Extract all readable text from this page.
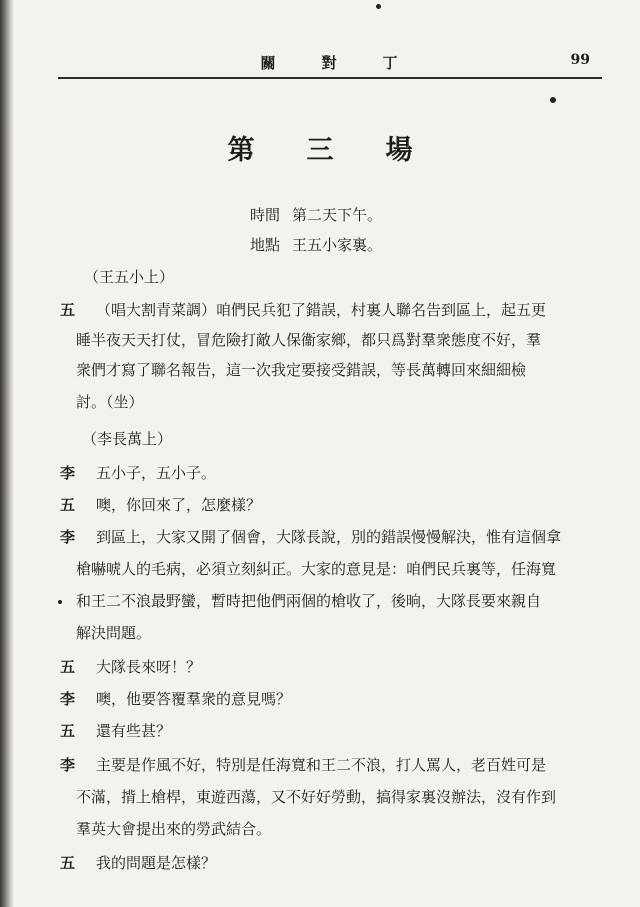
關對丁	99
第三場
時間 第二天下午。
地點 王五小家裏。
（王五小上）
五	（唱大割青菜調）咱們民兵犯了錯誤，村裏人聯名告到區上，起五更
睡半夜天天打仗，冒危險打敵人保衞家鄉，都只爲對羣衆態度不好，羣
衆們才寫了聯名報告，這一次我定要接受錯誤，等長萬轉回來細細檢
討。（坐）
（李長萬上）
李	五小子，五小子。
五	噢，你回來了，怎麼樣？
李	到區上，大家又開了個會，大隊長說，別的錯誤慢慢解決，惟有這個拿
槍嚇唬人的毛病，必須立刻糾正。大家的意見是：咱們民兵裏等，任海寬
和王二不浪最野蠻，暫時把他們兩個的槍收了，後晌，大隊長要來親自
解決問題。
五	大隊長來呀！？
李	噢，他要答覆羣衆的意見嗎？
五	還有些甚？
李	主要是作風不好，特別是任海寬和王二不浪，打人罵人，老百姓可是
不滿，揹上槍桿，東遊西蕩，又不好好勞動，搞得家裏沒辦法，沒有作到
羣英大會提出來的勞武結合。
五	我的問題是怎樣？
